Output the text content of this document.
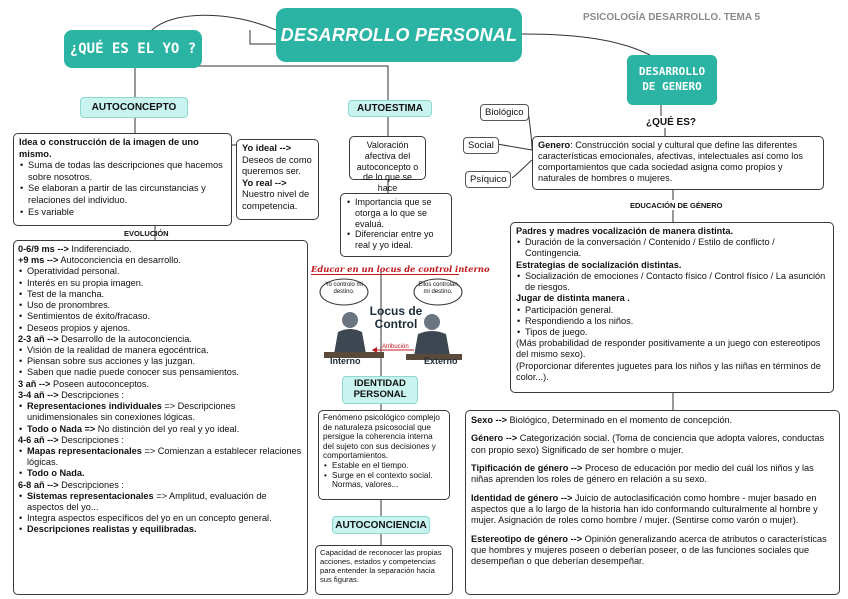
DESARROLLO PERSONAL
PSICOLOGÍA DESARROLLO. TEMA 5
¿QUÉ ES EL YO ?
AUTOCONCEPTO
Idea o construcción de la imagen de uno mismo.
• Suma de todas las descripciones que hacemos sobre nosotros.
• Se elaboran a partir de las circunstancias y relaciones del individuo.
• Es variable
Yo ideal -->
Deseos de como queremos ser.
Yo real -->
Nuestro nivel de competencia.
EVOLUCIÓN
0-6/9 ms --> Indiferenciado.
+9 ms --> Autoconciencia en desarrollo.
• Operatividad personal.
• Interés en su propia imagen.
• Test de la mancha.
• Uso de pronombres.
• Sentimientos de éxito/fracaso.
• Deseos propios y ajenos.
2-3 añ --> Desarrollo de la autoconciencia.
• Visión de la realidad de manera egocéntrica.
• Piensan sobre sus acciones y las juzgan.
• Saben que nadie puede conocer sus pensamientos.
3 añ --> Poseen autoconceptos.
3-4 añ --> Descripciones :
• Representaciones individuales => Descripciones unidimensionales sin conexiones lógicas.
• Todo o Nada => No distinción del yo real y yo ideal.
4-6 añ --> Descripciones :
• Mapas representacionales => Comienzan a establecer relaciones lógicas.
• Todo o Nada.
6-8 añ --> Descripciones :
• Sistemas representacionales => Amplitud, evaluación de aspectos del yo...
• Integra aspectos específicos del yo en un concepto general.
• Descripciones realistas y equilibradas.
AUTOESTIMA
Valoración afectiva del autoconcepto o de lo que se hace
• Importancia que se otorga a lo que se evaluá.
• Diferenciar entre yo real y yo ideal.
Educar en un locus de control interno
Yo controlo mi destino.
Ellos controlan mi destino.
Locus de
Control
Atribución
Interno	Externo
IDENTIDAD PERSONAL
Fenómeno psicológico complejo de naturaleza psicosocial que persigue la coherencia interna del sujeto con sus decisiones y comportamientos.
• Estable en el tiempo.
• Surge en el contexto social. Normas, valores...
AUTOCONCIENCIA
Capacidad de reconocer las propias acciones, estados y competencias para entender la separación hacia sus figuras.
DESARROLLO DE GENERO
¿QUÉ ES?
Biológico
Social
Psíquico
Genero: Construcción social y cultural que define las diferentes características emocionales, afectivas, intelectuales así como los comportamientos que cada sociedad asigna como propios y naturales de hombres o mujeres.
EDUCACIÓN DE GÉNERO
Padres y madres vocalización de manera distinta.
• Duración de la conversación / Contenido / Estilo de conflicto / Contingencia.
Estrategias de socialización distintas.
• Socialización de emociones / Contacto físico / Control físico / La asunción de riesgos.
Jugar de distinta manera .
• Participación general.
• Respondiendo a los niños.
• Tipos de juego.
(Más probabilidad de responder positivamente a un juego con estereotipos del mismo sexo).
(Proporcionar diferentes juguetes para los niños y las niñas en términos de color...).
Sexo --> Biológico, Determinado en el momento de concepción.
Género --> Categorización social. (Toma de conciencia que adopta valores, conductas con propio sexo) Significado de ser hombre o mujer.
Tipificación de género --> Proceso de educación por medio del cuál los niños y las niñas aprenden los roles de género en relación a su sexo.
Identidad de género --> Juicio de autoclasificación como hombre - mujer basado en aspectos que a lo largo de la historia han ido conformando culturalmente al hombre y mujer. Asignación de roles como hombre / mujer. (Sentirse como varón o mujer).
Estereotipo de género --> Opinión generalizando acerca de atributos o características que hombres y mujeres poseen o deberían poseer, o de las funciones sociales que desempeñan o que deberían desempeñar.
